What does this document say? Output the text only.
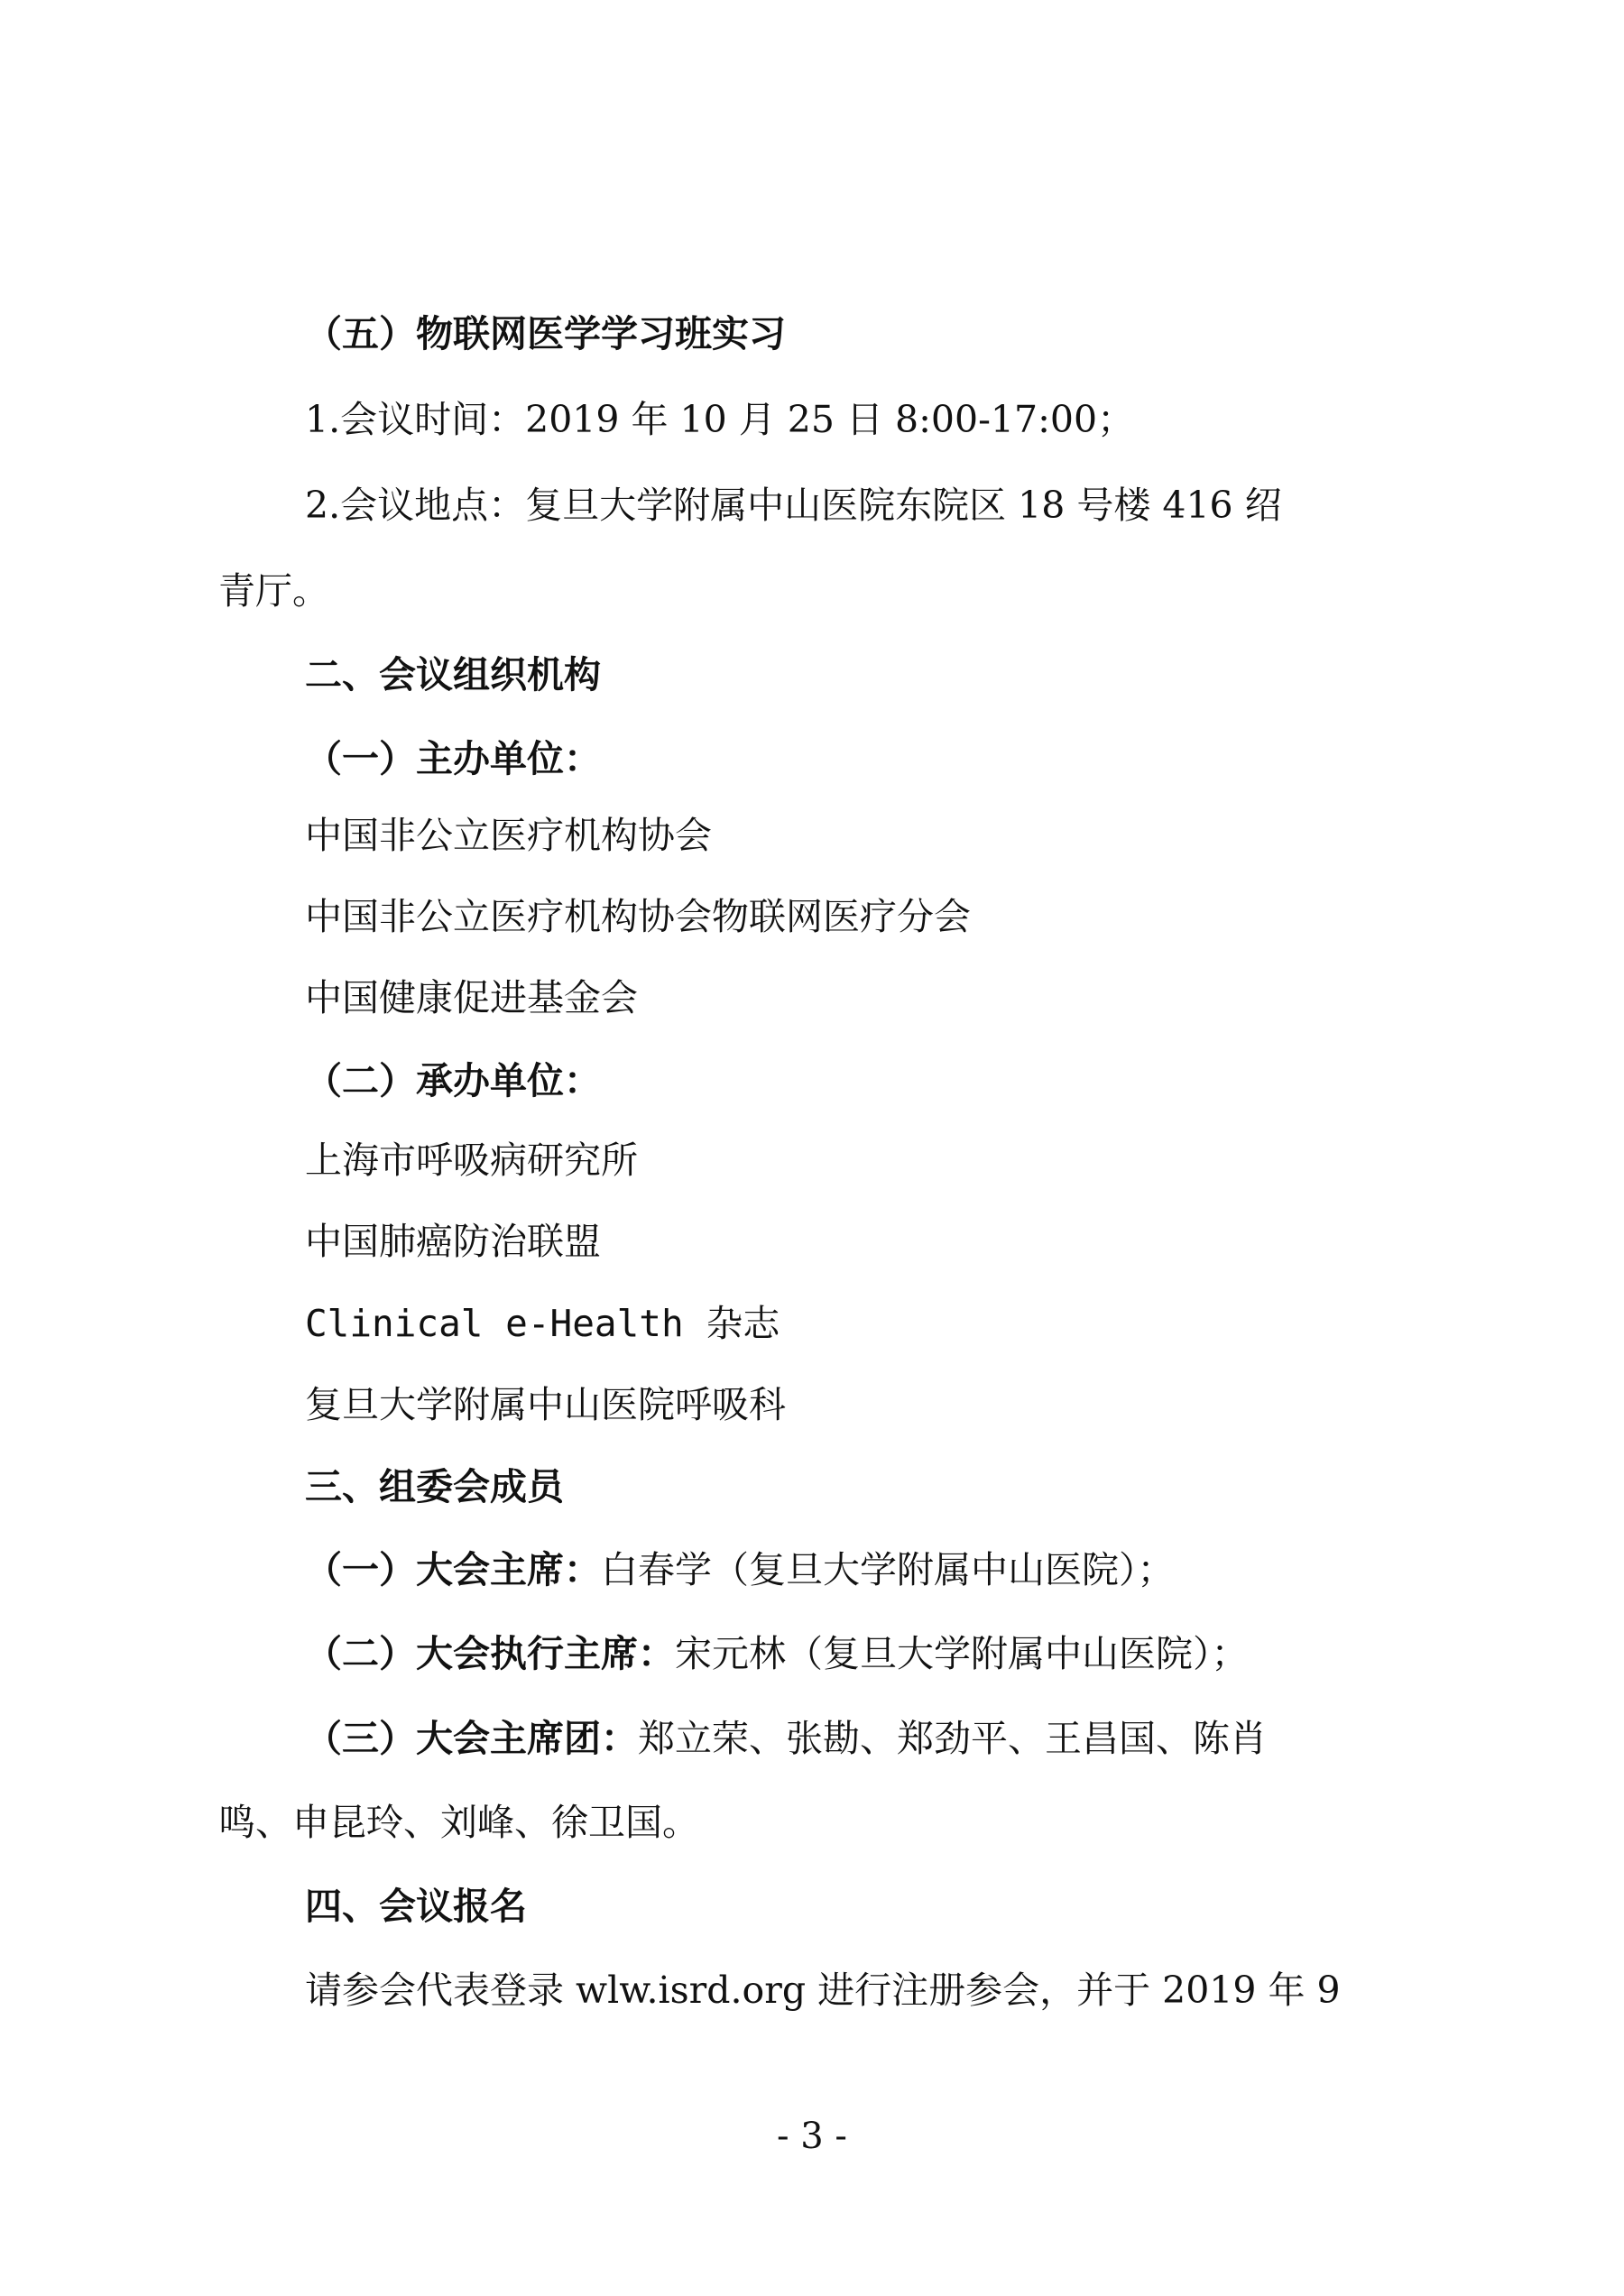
（五）物联网医学学习班实习
1.会议时间：2019 年 10 月 25 日 8:00-17:00；
2.会议地点：复旦大学附属中山医院东院区 18 号楼 416 绍
青厅。
二、会议组织机构
（一）主办单位：
中国非公立医疗机构协会
中国非公立医疗机构协会物联网医疗分会
中国健康促进基金会
（二）承办单位：
上海市呼吸病研究所
中国肺癌防治联盟
Clinical e-Health 杂志
复旦大学附属中山医院呼吸科
三、组委会成员
（一）大会主席：白春学（复旦大学附属中山医院）；
（二）大会执行主席：宋元林（复旦大学附属中山医院）；
（三）大会主席团：郑立荣、张勘、郑劲平、王昌国、陈肖
鸣、申昆玲、刘峰、徐卫国。
四、会议报名
请参会代表登录 wlw.isrd.org 进行注册参会，并于 2019 年 9
- 3 -
